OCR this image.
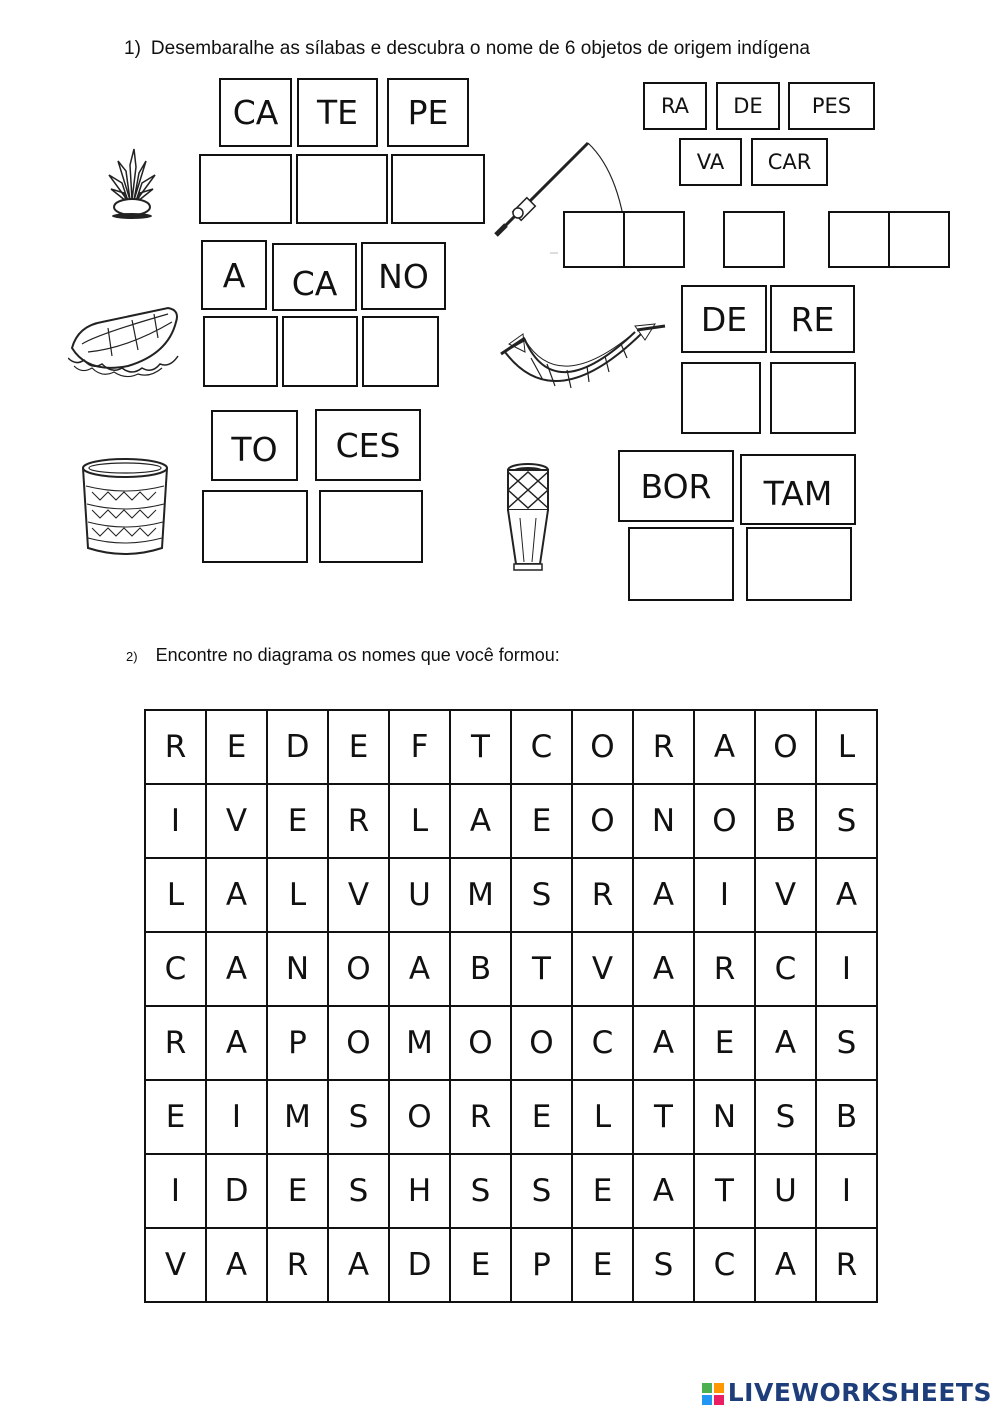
1) Desembaralhe as sílabas e descubra o nome de 6 objetos de origem indígena
CA	TE	PE	RA	DE	PES
VA	CAR
A	CA	NO
DE	RE
TO	CES
BOR	TAM
2) Encontre no diagrama os nomes que você formou:
R	E	D	E	F	T	C	O	R	A	O	L
I	V	E	R	L	A	E	O	N	O	B	S
L	A	L	V	U	M	S	R	A	I	V	A
C	A	N	O	A	B	T	V	A	R	C	I
R	A	P	O	M	O	O	C	A	E	A	S
E	I	M	S	O	R	E	L	T	N	S	B
I	D	E	S	H	S	S	E	A	T	U	I
V	A	R	A	D	E	P	E	S	C	A	R
LIVEWORKSHEETS
